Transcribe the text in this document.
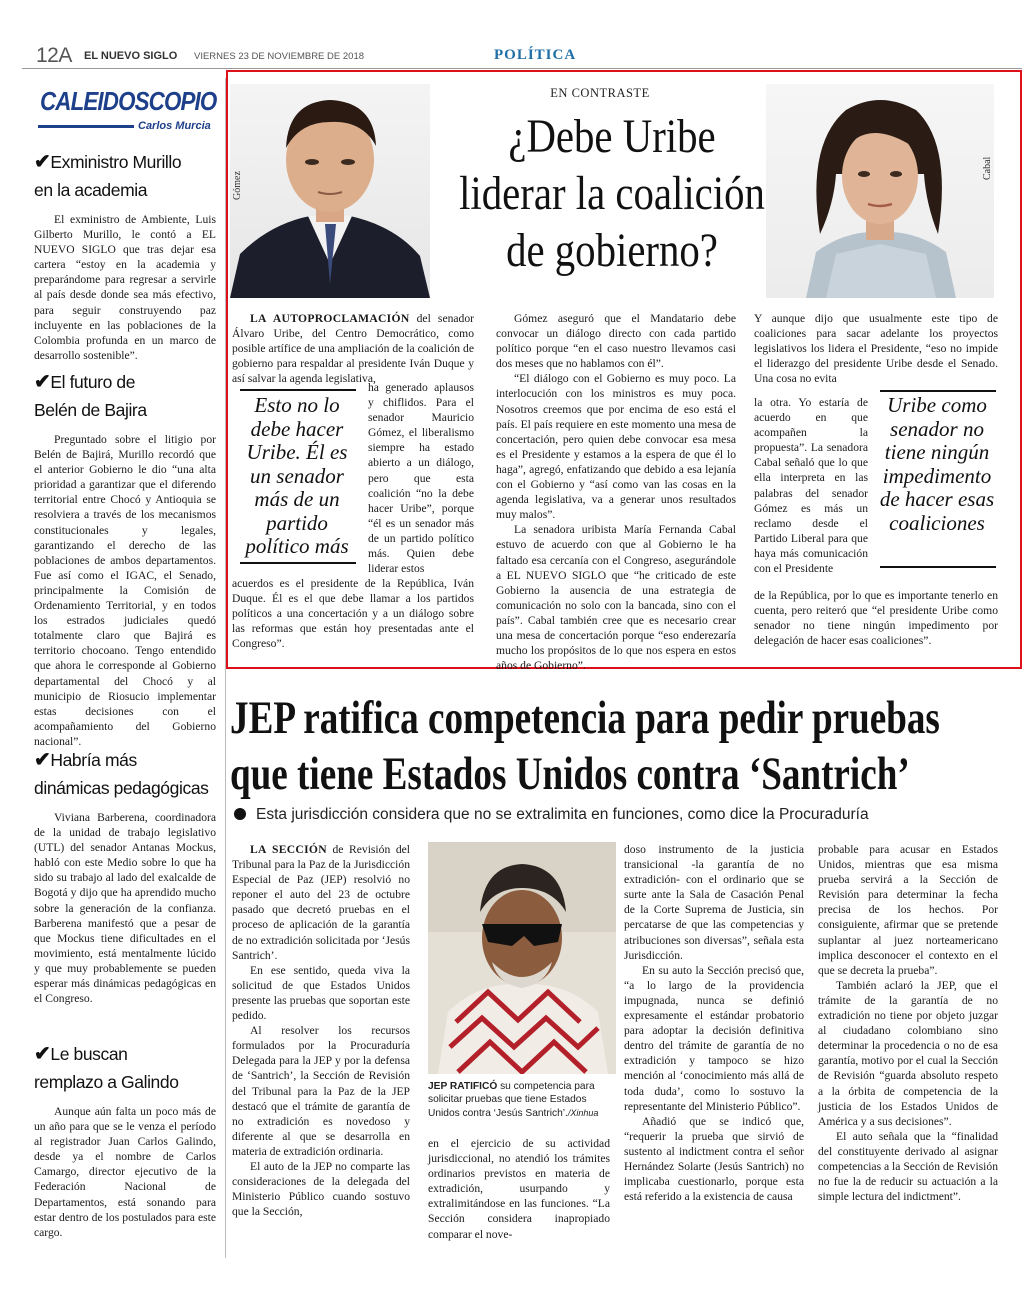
12A EL NUEVO SIGLO VIERNES 23 DE NOVIEMBRE DE 2018	POLÍTICA
CALEIDOSCOPIO
Carlos Murcia
✔Exministro Murillo
en la academia

El exministro de Ambiente, Luis Gilberto Murillo, le contó a EL NUEVO SIGLO que tras dejar esa cartera “estoy en la academia y preparándome para regresar a servirle al país desde donde sea más efectivo, para seguir construyendo paz incluyente en las poblaciones de la Colombia profunda en un marco de desarrollo sostenible”.

✔El futuro de
Belén de Bajira

Preguntado sobre el litigio por Belén de Bajirá, Murillo recordó que el anterior Gobierno le dio “una alta prioridad a garantizar que el diferendo territorial entre Chocó y Antioquia se resolviera a través de los mecanismos constitucionales y legales, garantizando el derecho de las poblaciones de ambos departamentos. Fue así como el IGAC, el Senado, principalmente la Comisión de Ordenamiento Territorial, y en todos los estrados judiciales quedó totalmente claro que Bajirá es territorio chocoano. Tengo entendido que ahora le corresponde al Gobierno departamental del Chocó y al municipio de Riosucio implementar estas decisiones con el acompañamiento del Gobierno nacional”.

✔Habría más
dinámicas pedagógicas

Viviana Barberena, coordinadora de la unidad de trabajo legislativo (UTL) del senador Antanas Mockus, habló con este Medio sobre lo que ha sido su trabajo al lado del exalcalde de Bogotá y dijo que ha aprendido mucho sobre la generación de la confianza. Barberena manifestó que a pesar de que Mockus tiene dificultades en el movimiento, está mentalmente lúcido y que muy probablemente se pueden esperar más dinámicas pedagógicas en el Congreso.

✔Le buscan
remplazo a Galindo

Aunque aún falta un poco más de un año para que se le venza el período al registrador Juan Carlos Galindo, desde ya el nombre de Carlos Camargo, director ejecutivo de la Federación Nacional de Departamentos, está sonando para estar dentro de los postulados para este cargo.

Gómez
Cabal
EN CONTRASTE
¿Debe Uribe
liderar la coalición
de gobierno?

LA AUTOPROCLAMACIÓN del senador Álvaro Uribe, del Centro Democrático, como posible artífice de una ampliación de la coalición de gobierno para respaldar al presidente Iván Duque y así salvar la agenda legislativa,

Esto no lo debe hacer Uribe. Él es un senador más de un partido político más
ha generado aplausos y chiflidos. Para el senador Mauricio Gómez, el liberalismo siempre ha estado abierto a un diálogo, pero que esta coalición “no la debe hacer Uribe”, porque “él es un senador más de un partido político más. Quien debe liderar estos
acuerdos es el presidente de la República, Iván Duque. Él es el que debe llamar a los partidos políticos a una concertación y a un diálogo sobre las reformas que están hoy presentadas ante el Congreso”.

Gómez aseguró que el Mandatario debe convocar un diálogo directo con cada partido político porque “en el caso nuestro llevamos casi dos meses que no hablamos con él”.

“El diálogo con el Gobierno es muy poco. La interlocución con los ministros es muy poca. Nosotros creemos que por encima de eso está el país. El país requiere en este momento una mesa de concertación, pero quien debe convocar esa mesa es el Presidente y estamos a la espera de que él lo haga”, agregó, enfatizando que debido a esa lejanía con el Gobierno y “así como van las cosas en la agenda legislativa, va a generar unos resultados muy malos”.

La senadora uribista María Fernanda Cabal estuvo de acuerdo con que al Gobierno le ha faltado esa cercanía con el Congreso, asegurándole a EL NUEVO SIGLO que “he criticado de este Gobierno la ausencia de una estrategia de comunicación no solo con la bancada, sino con el país”. Cabal también cree que es necesario crear una mesa de concertación porque “eso enderezaría mucho los propósitos de lo que nos espera en estos años de Gobierno”.

Y aunque dijo que usualmente este tipo de coaliciones para sacar adelante los proyectos legislativos los lidera el Presidente, “eso no impide el liderazgo del presidente Uribe desde el Senado. Una cosa no evita
la otra. Yo estaría de acuerdo en que acompañen la propuesta”. La senadora Cabal señaló que lo que ella interpreta en las palabras del senador Gómez es más un reclamo desde el Partido Liberal para que haya más comunicación con el Presidente
Uribe como senador no tiene ningún impedimento de hacer esas coaliciones
de la República, por lo que es importante tenerlo en cuenta, pero reiteró que “el presidente Uribe como senador no tiene ningún impedimento por delegación de hacer esas coaliciones”.
JEP ratifica competencia para pedir pruebas
que tiene Estados Unidos contra ‘Santrich’
Esta jurisdicción considera que no se extralimita en funciones, como dice la Procuraduría

LA SECCIÓN de Revisión del Tribunal para la Paz de la Jurisdicción Especial de Paz (JEP) resolvió no reponer el auto del 23 de octubre pasado que decretó pruebas en el proceso de aplicación de la garantía de no extradición solicitada por ‘Jesús Santrich’.

En ese sentido, queda viva la solicitud de que Estados Unidos presente las pruebas que soportan este pedido.

Al resolver los recursos formulados por la Procuraduría Delegada para la JEP y por la defensa de ‘Santrich’, la Sección de Revisión del Tribunal para la Paz de la JEP destacó que el trámite de garantía de no extradición es novedoso y diferente al que se desarrolla en materia de extradición ordinaria.

El auto de la JEP no comparte las consideraciones de la delegada del Ministerio Público cuando sostuvo que la Sección,

JEP RATIFICÓ su competencia para solicitar pruebas que tiene Estados Unidos contra ‘Jesús Santrich’./Xinhua
en el ejercicio de su actividad jurisdiccional, no atendió los trámites ordinarios previstos en materia de extradición, usurpando y extralimitándose en las funciones. “La Sección considera inapropiado comparar el nove-

doso instrumento de la justicia transicional -la garantía de no extradición- con el ordinario que se surte ante la Sala de Casación Penal de la Corte Suprema de Justicia, sin percatarse de que las competencias y atribuciones son diversas”, señala esta Jurisdicción.

En su auto la Sección precisó que, “a lo largo de la providencia impugnada, nunca se definió expresamente el estándar probatorio para adoptar la decisión definitiva dentro del trámite de garantía de no extradición y tampoco se hizo mención al ‘conocimiento más allá de toda duda’, como lo sostuvo la representante del Ministerio Público”.

Añadió que se indicó que, “requerir la prueba que sirvió de sustento al indictment contra el señor Hernández Solarte (Jesús Santrich) no implicaba cuestionarlo, porque esta está referido a la existencia de causa

probable para acusar en Estados Unidos, mientras que esa misma prueba servirá a la Sección de Revisión para determinar la fecha precisa de los hechos. Por consiguiente, afirmar que se pretende suplantar al juez norteamericano implica desconocer el contexto en el que se decreta la prueba”.

También aclaró la JEP, que el trámite de la garantía de no extradición no tiene por objeto juzgar al ciudadano colombiano sino determinar la procedencia o no de esa garantía, motivo por el cual la Sección de Revisión “guarda absoluto respeto a la órbita de competencia de la justicia de los Estados Unidos de América y a sus decisiones”.

El auto señala que la “finalidad del constituyente derivado al asignar competencias a la Sección de Revisión no fue la de reducir su actuación a la simple lectura del indictment”.
